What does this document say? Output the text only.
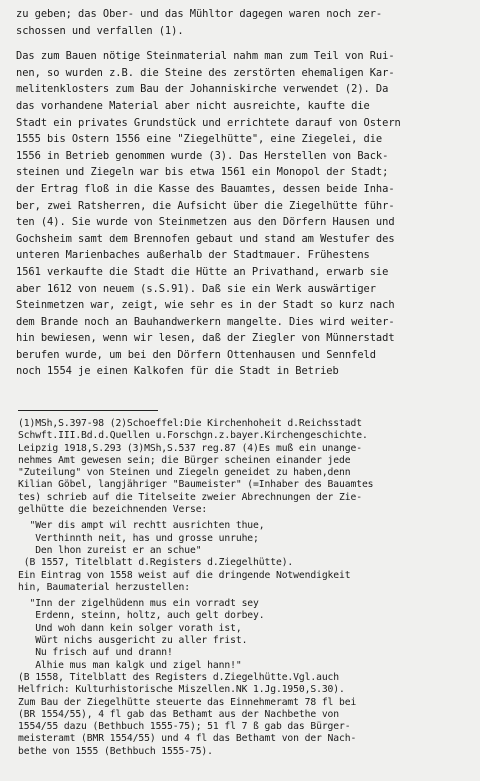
zu geben; das Ober- und das Mühltor dagegen waren noch zer-
schossen und verfallen (1).
Das zum Bauen nötige Steinmaterial nahm man zum Teil von Rui-
nen, so wurden z.B. die Steine des zerstörten ehemaligen Kar-
melitenklosters zum Bau der Johanniskirche verwendet (2). Da
das vorhandene Material aber nicht ausreichte, kaufte die
Stadt ein privates Grundstück und errichtete darauf von Ostern
1555 bis Ostern 1556 eine "Ziegelhütte", eine Ziegelei, die
1556 in Betrieb genommen wurde (3). Das Herstellen von Back-
steinen und Ziegeln war bis etwa 1561 ein Monopol der Stadt;
der Ertrag floß in die Kasse des Bauamtes, dessen beide Inha-
ber, zwei Ratsherren, die Aufsicht über die Ziegelhütte führ-
ten (4). Sie wurde von Steinmetzen aus den Dörfern Hausen und
Gochsheim samt dem Brennofen gebaut und stand am Westufer des
unteren Marienbaches außerhalb der Stadtmauer. Frühestens
1561 verkaufte die Stadt die Hütte an Privathand, erwarb sie
aber 1612 von neuem (s.S.91). Daß sie ein Werk auswärtiger
Steinmetzen war, zeigt, wie sehr es in der Stadt so kurz nach
dem Brande noch an Bauhandwerkern mangelte. Dies wird weiter-
hin bewiesen, wenn wir lesen, daß der Ziegler von Münnerstadt
berufen wurde, um bei den Dörfern Ottenhausen und Sennfeld
noch 1554 je einen Kalkofen für die Stadt in Betrieb
(1)MSh,S.397-98 (2)Schoeffel:Die Kirchenhoheit d.Reichsstadt
Schwft.III.Bd.d.Quellen u.Forschgn.z.bayer.Kirchengeschichte.
Leipzig 1918,S.293 (3)MSh,S.537 reg.87 (4)Es muß ein unange-
nehmes Amt gewesen sein; die Bürger scheinen einander jede
"Zuteilung" von Steinen und Ziegeln geneidet zu haben,denn
Kilian Göbel, langjähriger "Baumeister" (=Inhaber des Bauamtes
tes) schrieb auf die Titelseite zweier Abrechnungen der Zie-
gelhütte die bezeichnenden Verse:
"Wer dis ampt wil rechtt ausrichten thue,
Verthinnth neit, has und grosse unruhe;
Den lhon zureist er an schue"
(B 1557, Titelblatt d.Registers d.Ziegelhütte).
Ein Eintrag von 1558 weist auf die dringende Notwendigkeit
hin, Baumaterial herzustellen:
"Inn der zigelhüdenn mus ein vorradt sey
Erdenn, steinn, holtz, auch gelt dorbey.
Und woh dann kein solger vorath ist,
Würt nichs ausgericht zu aller frist.
Nu frisch auf und drann!
Alhie mus man kalgk und zigel hann!"
(B 1558, Titelblatt des Registers d.Ziegelhütte.Vgl.auch
Helfrich: Kulturhistorische Miszellen.NK 1.Jg.1950,S.30).
Zum Bau der Ziegelhütte steuerte das Einnehmeramt 78 fl bei
(BR 1554/55), 4 fl gab das Bethamt aus der Nachbethe von
1554/55 dazu (Bethbuch 1555-75); 51 fl 7 ß gab das Bürger-
meisteramt (BMR 1554/55) und 4 fl das Bethamt von der Nach-
bethe von 1555 (Bethbuch 1555-75).
